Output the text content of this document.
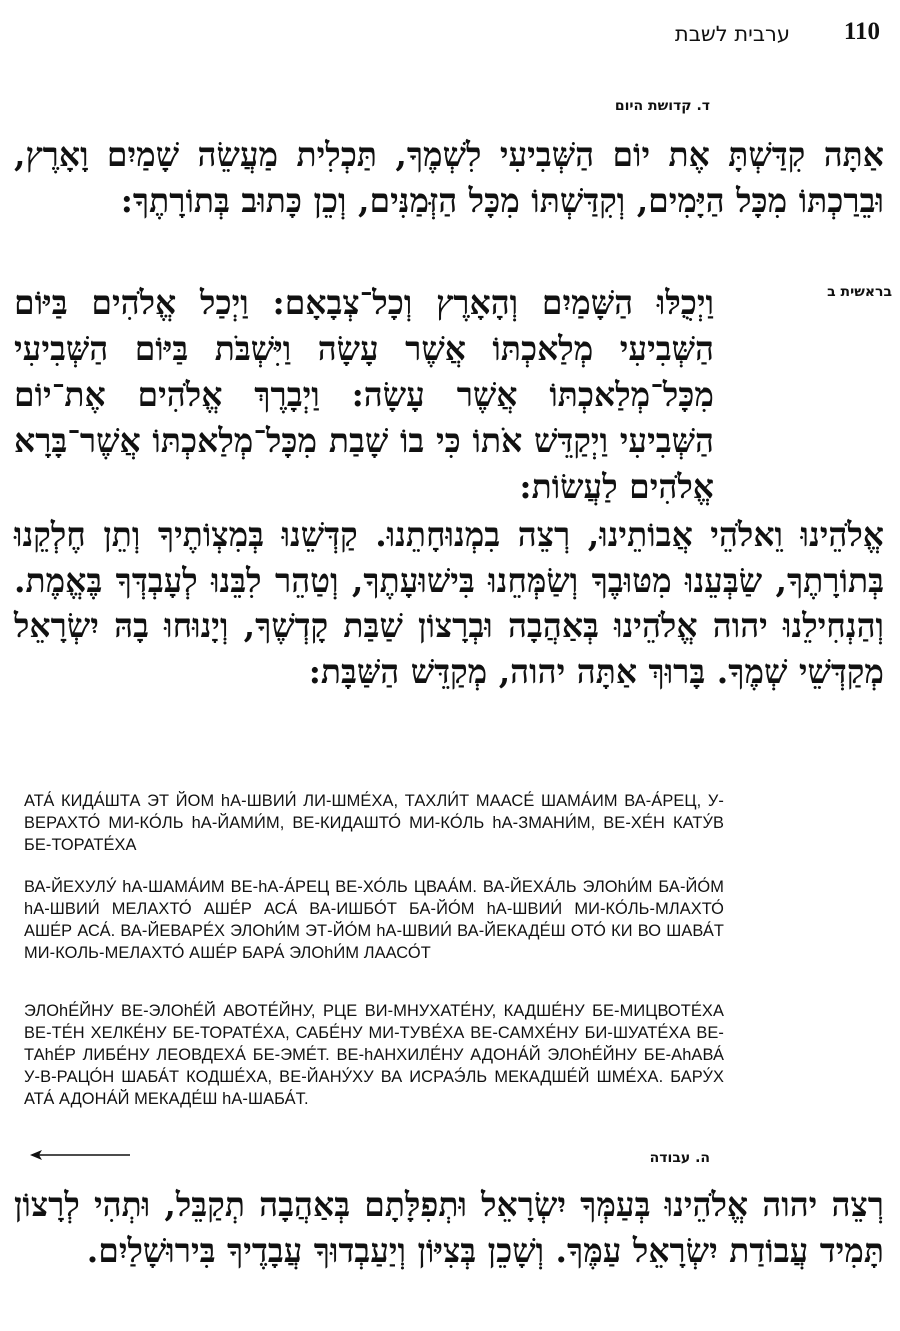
ערבית לשבת	110
ד. קדושת היום

אַתָּה קִדַּשְׁתָּ אֶת יוֹם הַשְּׁבִיעִי לִשְׁמֶךָ, תַּכְלִית מַעֲשֵׂה שָׁמַיִם וָאָרֶץ, וּבֵרַכְתּוֹ מִכָּל הַיָּמִים, וְקִדַּשְׁתּוֹ מִכָּל הַזְּמַנִּים, וְכֵן כָּתוּב בְּתוֹרָתֶךָ:

בראשית ב

וַיְכֻלּוּ הַשָּׁמַיִם וְהָאָרֶץ וְכָל־צְבָאָם: וַיְכַל אֱלֹהִים בַּיּוֹם הַשְּׁבִיעִי מְלַאכְתּוֹ אֲשֶׁר עָשָׂה וַיִּשְׁבֹּת בַּיּוֹם הַשְּׁבִיעִי מִכָּל־מְלַאכְתּוֹ אֲשֶׁר עָשָׂה: וַיְבָרֶךְ אֱלֹהִים אֶת־יוֹם הַשְּׁבִיעִי וַיְקַדֵּשׁ אֹתוֹ כִּי בוֹ שָׁבַת מִכָּל־מְלַאכְתּוֹ אֲשֶׁר־בָּרָא אֱלֹהִים לַעֲשׂוֹת:

אֱלֹהֵינוּ וֵאלֹהֵי אֲבוֹתֵינוּ, רְצֵה בִמְנוּחָתֵנוּ. קַדְּשֵׁנוּ בְּמִצְוֹתֶיךָ וְתֵן חֶלְקֵנוּ בְּתוֹרָתֶךָ, שַׂבְּעֵנוּ מִטּוּבֶךָ וְשַׂמְּחֵנוּ בִּישׁוּעָתֶךָ, וְטַהֵר לִבֵּנוּ לְעָבְדְּךָ בֶּאֱמֶת. וְהַנְחִילֵנוּ יהוה אֱלֹהֵינוּ בְּאַהֲבָה וּבְרָצוֹן שַׁבַּת קָדְשֶׁךָ, וְיָנוּחוּ בָהּ יִשְׂרָאֵל מְקַדְּשֵׁי שְׁמֶךָ. בָּרוּךְ אַתָּה יהוה, מְקַדֵּשׁ הַשַּׁבָּת:

АТА́ КИДА́ШТА ЭТ ЙОМ hА-ШВИИ́ ЛИ-ШМЕ́ХА, ТАХЛИ́Т МААСЕ́ ШАМА́ИМ ВА-А́РЕЦ, У-ВЕРАХТО́ МИ-КО́ЛЬ hА-ЙАМИ́М, ВЕ-КИДАШТО́ МИ-КО́ЛЬ hА-ЗМАНИ́М, ВЕ-ХЕ́Н КАТУ́В БЕ-ТОРАТЕ́ХА

ВА-ЙЕХУЛУ́ hА-ШАМА́ИМ ВЕ-hА-А́РЕЦ ВЕ-ХО́ЛЬ ЦВАА́М. ВА-ЙЕХА́ЛЬ ЭЛОhИ́М БА-ЙО́М hА-ШВИИ́ МЕЛАХТО́ АШЕ́Р АСА́ ВА-ИШБО́Т БА-ЙО́М hА-ШВИИ́ МИ-КО́ЛЬ-МЛАХТО́ АШЕ́Р АСА́. ВА-ЙЕВАРЕ́Х ЭЛОhИ́М ЭТ-ЙО́М hА-ШВИИ́ ВА-ЙЕКАДЕ́Ш ОТО́ КИ ВО ШАВА́Т МИ-КОЛЬ-МЕЛАХТО́ АШЕ́Р БАРА́ ЭЛОhИ́М ЛААСО́Т

ЭЛОhЕ́ЙНУ ВЕ-ЭЛОhЕ́Й АВОТЕ́ЙНУ, РЦЕ ВИ-МНУХАТЕ́НУ, КАДШЕ́НУ БЕ-МИЦВОТЕ́ХА ВЕ-ТЕ́Н ХЕЛКЕ́НУ БЕ-ТОРАТЕ́ХА, САБЕ́НУ МИ-ТУВЕ́ХА ВЕ-САМХЕ́НУ БИ-ШУАТЕ́ХА ВЕ-ТАhЕ́Р ЛИБЕ́НУ ЛЕОВДЕХА́ БЕ-ЭМЕ́Т. ВЕ-hАНХИЛЕ́НУ АДОНА́Й ЭЛОhЕ́ЙНУ БЕ-АhАВА́ У-В-РАЦО́Н ШАБА́Т КОДШЕ́ХА, ВЕ-ЙАНУ́ХУ ВА ИСРАЭ́ЛЬ МЕКАДШЕ́Й ШМЕ́ХА. БАРУ́Х АТА́ АДОНА́Й МЕКАДЕ́Ш hА-ШАБА́Т.

ה. עבודה

רְצֵה יהוה אֱלֹהֵינוּ בְּעַמְּךָ יִשְׂרָאֵל וּתְפִלָּתָם בְּאַהֲבָה תְקַבֵּל, וּתְהִי לְרָצוֹן תָּמִיד עֲבוֹדַת יִשְׂרָאֵל עַמֶּךָ. וְשָׁכֵן בְּצִיּוֹן וְיַעַבְדוּךָ עֲבָדֶיךָ בִּירוּשָׁלַיִם.
